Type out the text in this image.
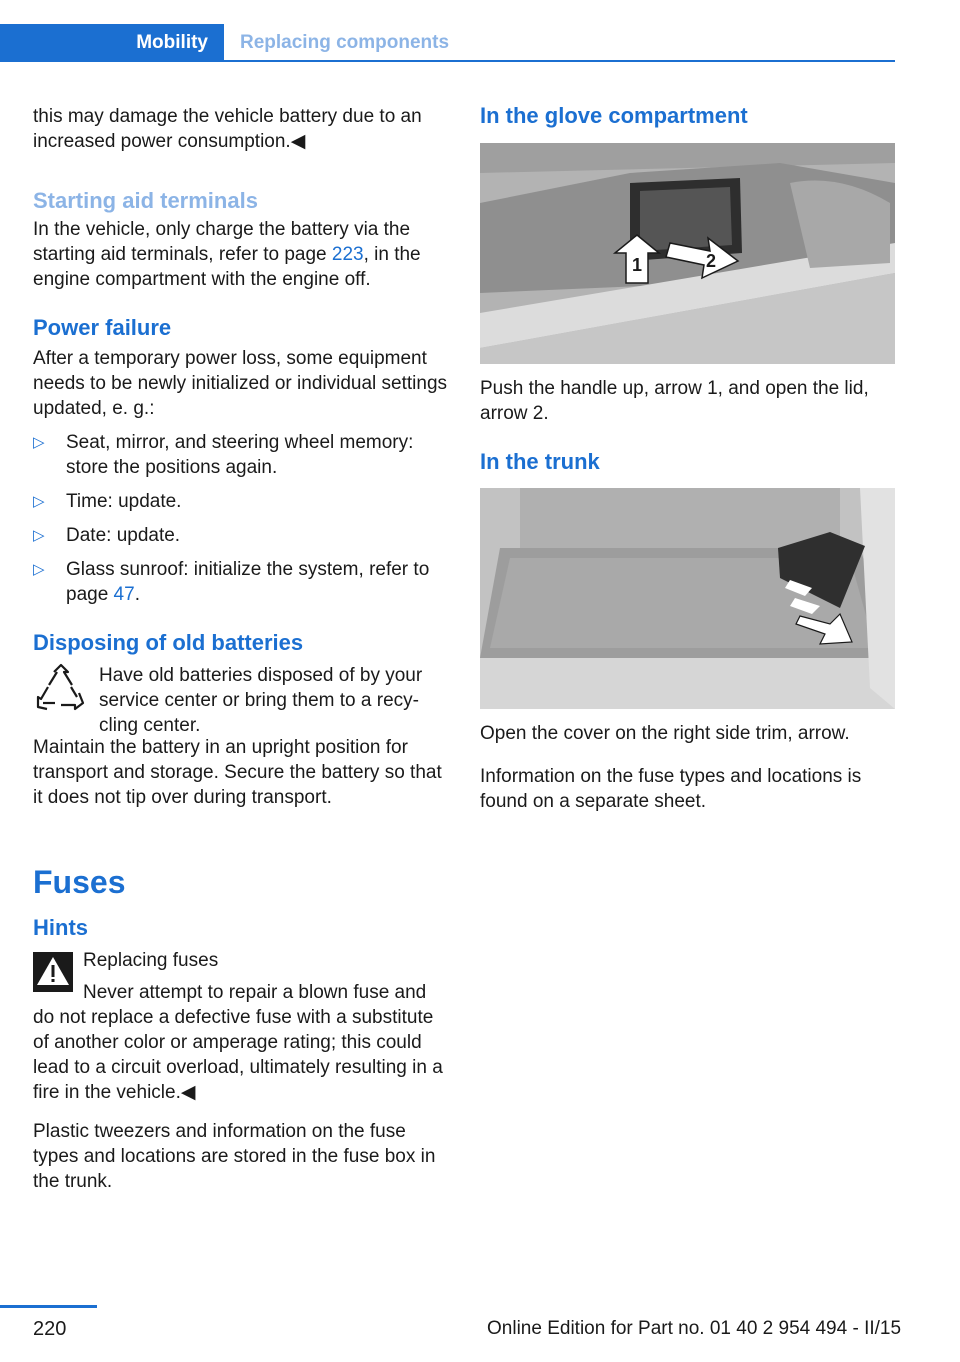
Mobility	Replacing components

this may damage the vehicle battery due to an increased power consumption.◀

Starting aid terminals

In the vehicle, only charge the battery via the starting aid terminals, refer to page 223, in the engine compartment with the engine off.

Power failure

After a temporary power loss, some equipment needs to be newly initialized or individual settings updated, e. g.:

▷ Seat, mirror, and steering wheel memory: store the positions again.
▷ Time: update.
▷ Date: update.
▷ Glass sunroof: initialize the system, refer to page 47.

Disposing of old batteries

Have old batteries disposed of by your service center or bring them to a recycling center.

Maintain the battery in an upright position for transport and storage. Secure the battery so that it does not tip over during transport.

Fuses

Hints

Replacing fuses

Never attempt to repair a blown fuse and do not replace a defective fuse with a substitute of another color or amperage rating; this could lead to a circuit overload, ultimately resulting in a fire in the vehicle.◀

Plastic tweezers and information on the fuse types and locations are stored in the fuse box in the trunk.

In the glove compartment

1	2

Push the handle up, arrow 1, and open the lid, arrow 2.

In the trunk

Open the cover on the right side trim, arrow.

Information on the fuse types and locations is found on a separate sheet.

220	Online Edition for Part no. 01 40 2 954 494 - II/15
